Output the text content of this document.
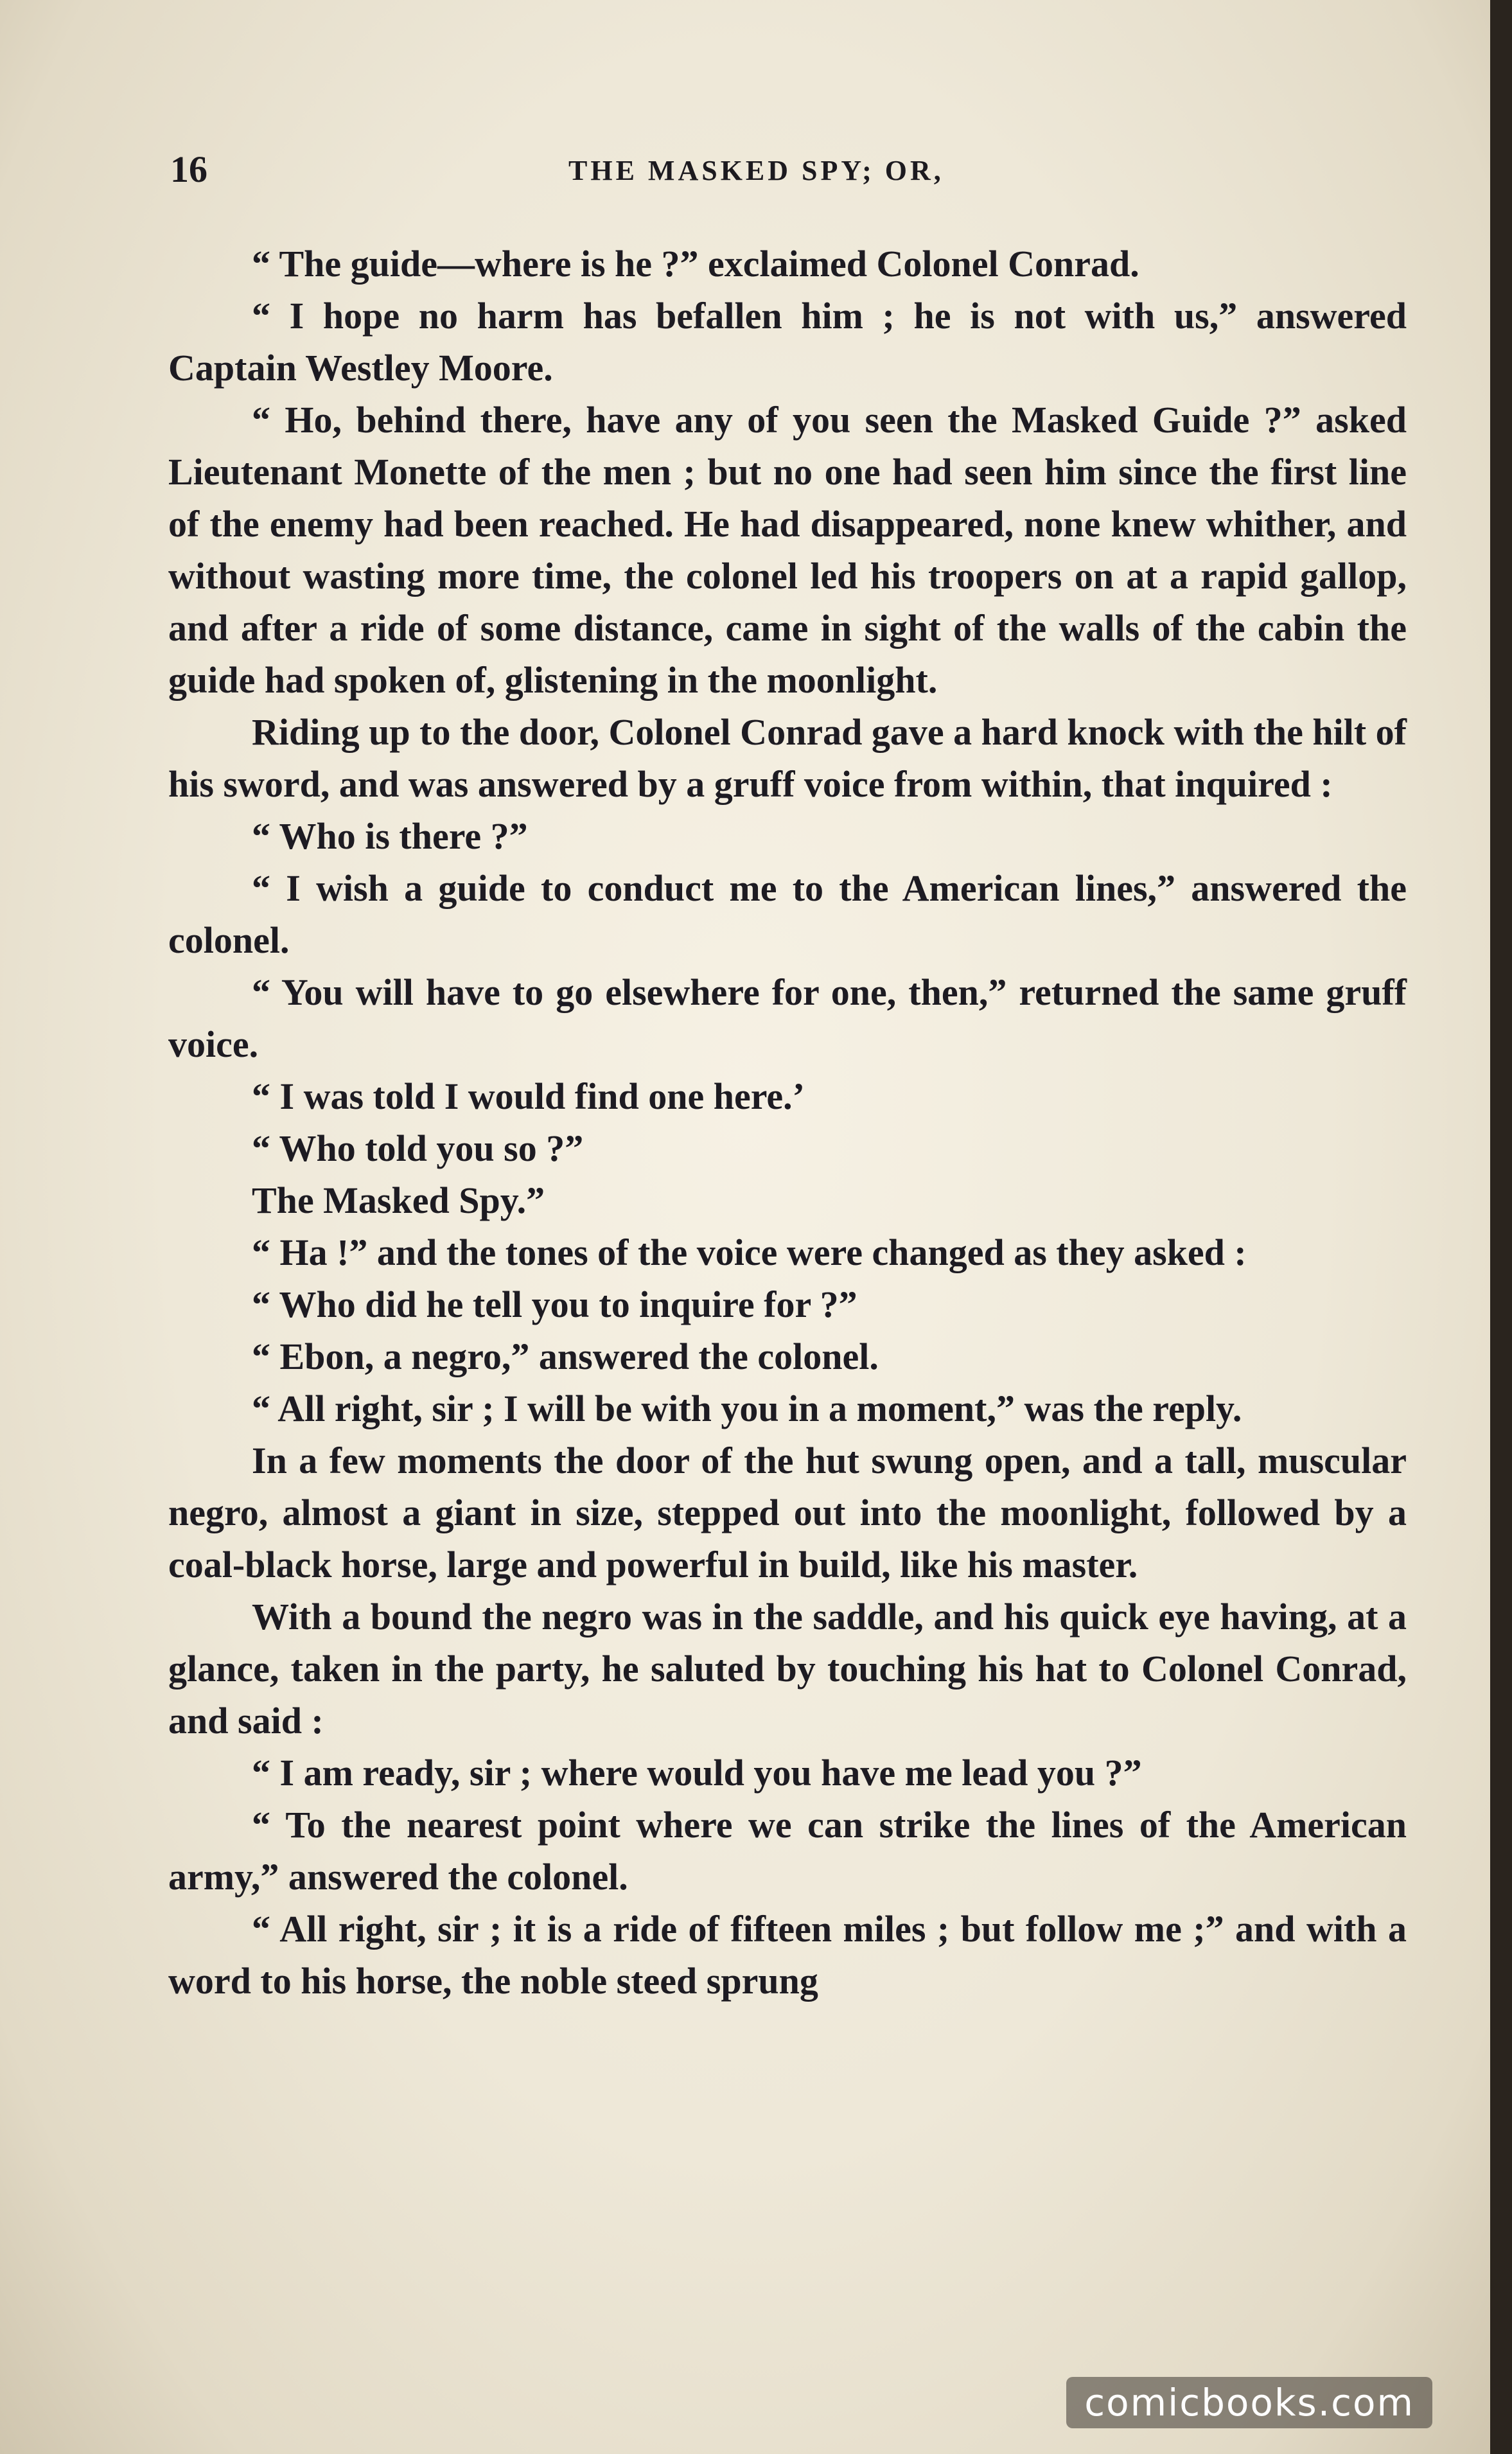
16	THE MASKED SPY; OR,

“ The guide—where is he ?” exclaimed Colonel Conrad.

“ I hope no harm has befallen him ; he is not with us,” answered Captain Westley Moore.

“ Ho, behind there, have any of you seen the Masked Guide ?” asked Lieutenant Monette of the men ; but no one had seen him since the first line of the enemy had been reached. He had disappeared, none knew whither, and without wasting more time, the colonel led his troopers on at a rapid gallop, and after a ride of some distance, came in sight of the walls of the cabin the guide had spoken of, glistening in the moonlight.

Riding up to the door, Colonel Conrad gave a hard knock with the hilt of his sword, and was answered by a gruff voice from within, that inquired :

“ Who is there ?”

“ I wish a guide to conduct me to the American lines,” answered the colonel.

“ You will have to go elsewhere for one, then,” returned the same gruff voice.

“ I was told I would find one here.’

“ Who told you so ?”

The Masked Spy.”

“ Ha !” and the tones of the voice were changed as they asked :

“ Who did he tell you to inquire for ?”

“ Ebon, a negro,” answered the colonel.

“ All right, sir ; I will be with you in a moment,” was the reply.

In a few moments the door of the hut swung open, and a tall, muscular negro, almost a giant in size, stepped out into the moonlight, followed by a coal-black horse, large and powerful in build, like his master.

With a bound the negro was in the saddle, and his quick eye having, at a glance, taken in the party, he saluted by touching his hat to Colonel Conrad, and said :

“ I am ready, sir ; where would you have me lead you ?”

“ To the nearest point where we can strike the lines of the American army,” answered the colonel.

“ All right, sir ; it is a ride of fifteen miles ; but follow me ;” and with a word to his horse, the noble steed sprung

comicbooks.com
